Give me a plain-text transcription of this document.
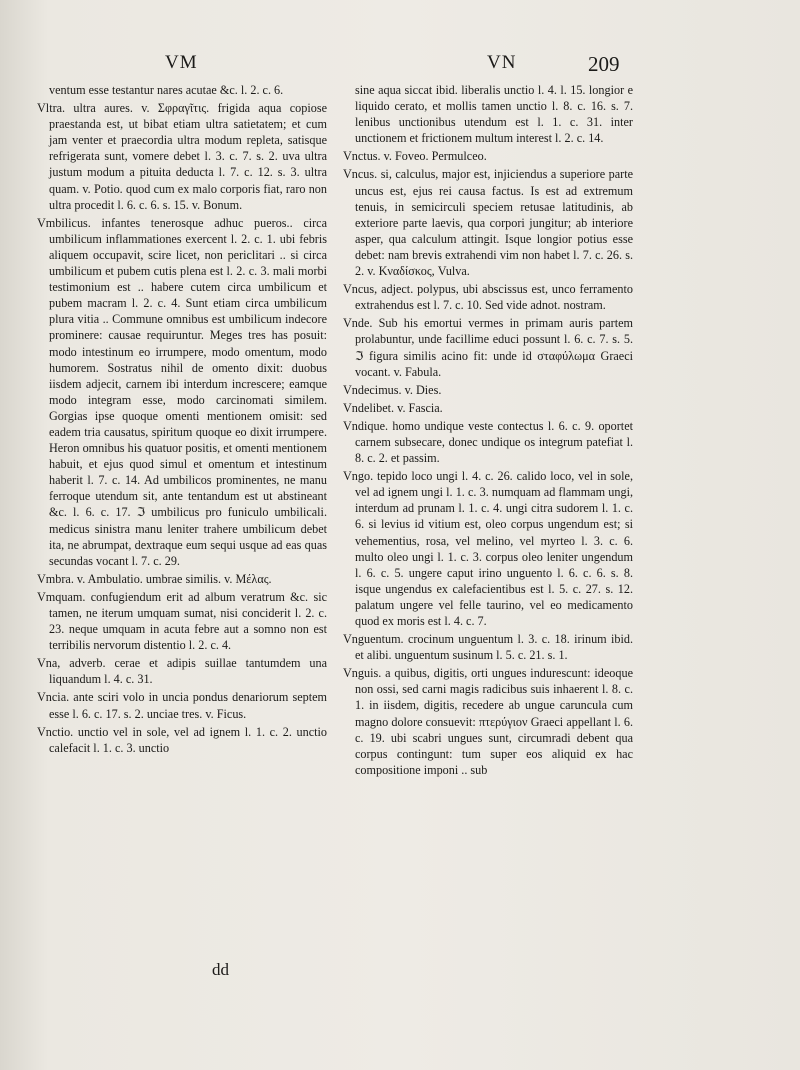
VM	VN	209

ventum esse testantur nares acutae &c. l. 2. c. 6.

Vltra. ultra aures. v. Σφραγῖτις. frigida aqua copiose praestanda est, ut bibat etiam ultra satietatem; et cum jam venter et praecordia ultra modum repleta, satisque refrigerata sunt, vomere debet l. 3. c. 7. s. 2. uva ultra justum modum a pituita deducta l. 7. c. 12. s. 3. ultra quam. v. Potio. quod cum ex malo corporis fiat, raro non ultra procedit l. 6. c. 6. s. 15. v. Bonum.

Vmbilicus. infantes tenerosque adhuc pueros.. circa umbilicum inflammationes exercent l. 2. c. 1. ubi febris aliquem occupavit, scire licet, non periclitari .. si circa umbilicum et pubem cutis plena est l. 2. c. 3. mali morbi testimonium est .. habere cutem circa umbilicum et pubem macram l. 2. c. 4. Sunt etiam circa umbilicum plura vitia .. Commune omnibus est umbilicum indecore prominere: causae requiruntur. Meges tres has posuit: modo intestinum eo irrumpere, modo omentum, modo humorem. Sostratus nihil de omento dixit: duobus iisdem adjecit, carnem ibi interdum increscere; eamque modo integram esse, modo carcinomati similem. Gorgias ipse quoque omenti mentionem omisit: sed eadem tria causatus, spiritum quoque eo dixit irrumpere. Heron omnibus his quatuor positis, et omenti mentionem habuit, et ejus quod simul et omentum et intestinum haberit l. 7. c. 14. Ad umbilicos prominentes, ne manu ferroque utendum sit, ante tentandum est ut abstineant &c. l. 6. c. 17. ℑ umbilicus pro funiculo umbilicali. medicus sinistra manu leniter trahere umbilicum debet ita, ne abrumpat, dextraque eum sequi usque ad eas quas secundas vocant l. 7. c. 29.

Vmbra. v. Ambulatio. umbrae similis. v. Μέλας.

Vmquam. confugiendum erit ad album veratrum &c. sic tamen, ne iterum umquam sumat, nisi conciderit l. 2. c. 23. neque umquam in acuta febre aut a somno non est terribilis nervorum distentio l. 2. c. 4.

Vna, adverb. cerae et adipis suillae tantumdem una liquandum l. 4. c. 31.

Vncia. ante sciri volo in uncia pondus denariorum septem esse l. 6. c. 17. s. 2. unciae tres. v. Ficus.

Vnctio. unctio vel in sole, vel ad ignem l. 1. c. 2. unctio calefacit l. 1. c. 3. unctio

sine aqua siccat ibid. liberalis unctio l. 4. l. 15. longior e liquido cerato, et mollis tamen unctio l. 8. c. 16. s. 7. lenibus unctionibus utendum est l. 1. c. 31. inter unctionem et frictionem multum interest l. 2. c. 14.

Vnctus. v. Foveo. Permulceo.

Vncus. si, calculus, major est, injiciendus a superiore parte uncus est, ejus rei causa factus. Is est ad extremum tenuis, in semicirculi speciem retusae latitudinis, ab exteriore parte laevis, qua corpori jungitur; ab interiore asper, qua calculum attingit. Isque longior potius esse debet: nam brevis extrahendi vim non habet l. 7. c. 26. s. 2. v. Κναδίσκος, Vulva.

Vncus, adject. polypus, ubi abscissus est, unco ferramento extrahendus est l. 7. c. 10. Sed vide adnot. nostram.

Vnde. Sub his emortui vermes in primam auris partem prolabuntur, unde facillime educi possunt l. 6. c. 7. s. 5. ℑ figura similis acino fit: unde id σταφύλωμα Graeci vocant. v. Fabula.

Vndecimus. v. Dies.

Vndelibet. v. Fascia.

Vndique. homo undique veste contectus l. 6. c. 9. oportet carnem subsecare, donec undique os integrum patefiat l. 8. c. 2. et passim.

Vngo. tepido loco ungi l. 4. c. 26. calido loco, vel in sole, vel ad ignem ungi l. 1. c. 3. numquam ad flammam ungi, interdum ad prunam l. 1. c. 4. ungi citra sudorem l. 1. c. 6. si levius id vitium est, oleo corpus ungendum est; si vehementius, rosa, vel melino, vel myrteo l. 3. c. 6. multo oleo ungi l. 1. c. 3. corpus oleo leniter ungendum l. 6. c. 5. ungere caput irino unguento l. 6. c. 6. s. 8. isque ungendus ex calefacientibus est l. 5. c. 27. s. 12. palatum ungere vel felle taurino, vel eo medicamento quod ex moris est l. 4. c. 7.

Vnguentum. crocinum unguentum l. 3. c. 18. irinum ibid. et alibi. unguentum susinum l. 5. c. 21. s. 1.

Vnguis. a quibus, digitis, orti ungues indurescunt: ideoque non ossi, sed carni magis radicibus suis inhaerent l. 8. c. 1. in iisdem, digitis, recedere ab ungue caruncula cum magno dolore consuevit: πτερύγιον Graeci appellant l. 6. c. 19. ubi scabri ungues sunt, circumradi debent qua corpus contingunt: tum super eos aliquid ex hac compositione imponi .. sub

dd
